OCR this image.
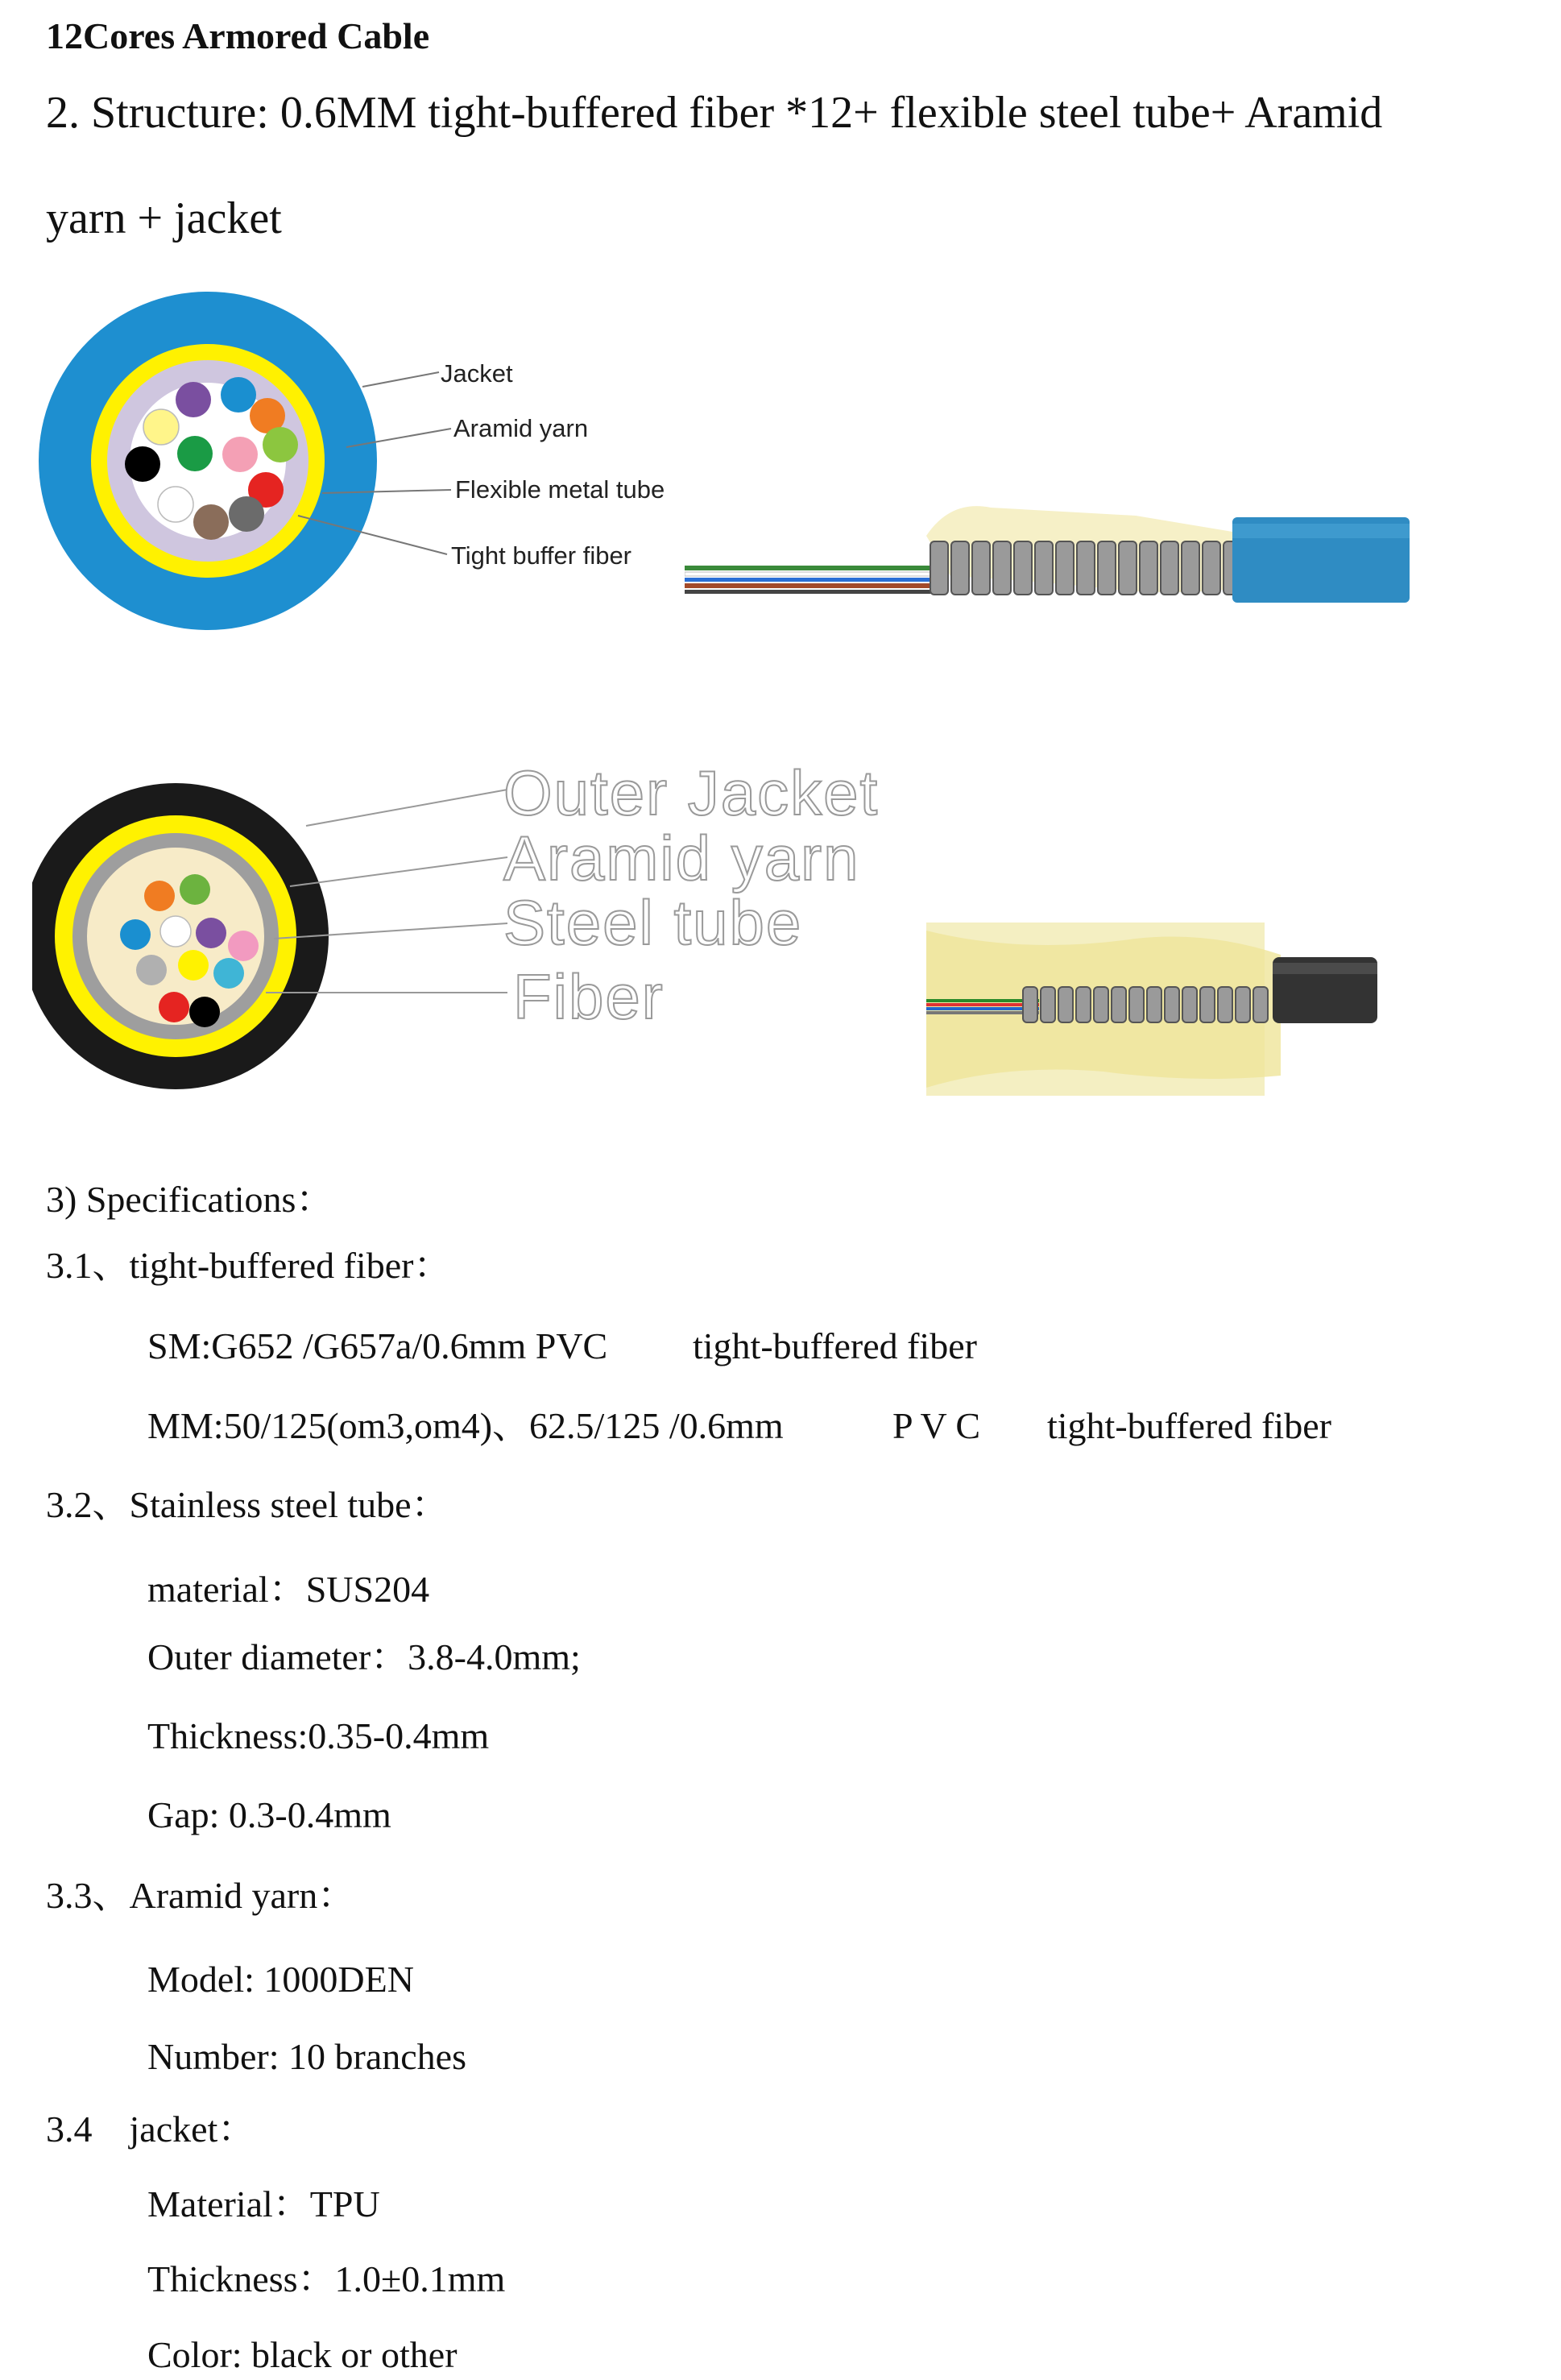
12Cores Armored Cable
2. Structure: 0.6MM tight-buffered fiber *12+ flexible steel tube+ Aramid
yarn + jacket
Jacket
Aramid yarn
Flexible metal tube
Tight buffer fiber
Outer Jacket
Aramid yarn
Steel tube
Fiber
3) Specifications：
3.1、tight-buffered fiber：
SM:G652 /G657a/0.6mm PVC tight-buffered fiber
MM:50/125(om3,om4)、62.5/125 /0.6mm	P V C tight-buffered fiber
3.2、Stainless steel tube：
material：SUS204
Outer diameter：3.8-4.0mm;
Thickness:0.35-0.4mm
Gap: 0.3-0.4mm
3.3、Aramid yarn：
Model: 1000DEN
Number: 10 branches
3.4　jacket：
Material：TPU
Thickness：1.0±0.1mm
Color: black or other
